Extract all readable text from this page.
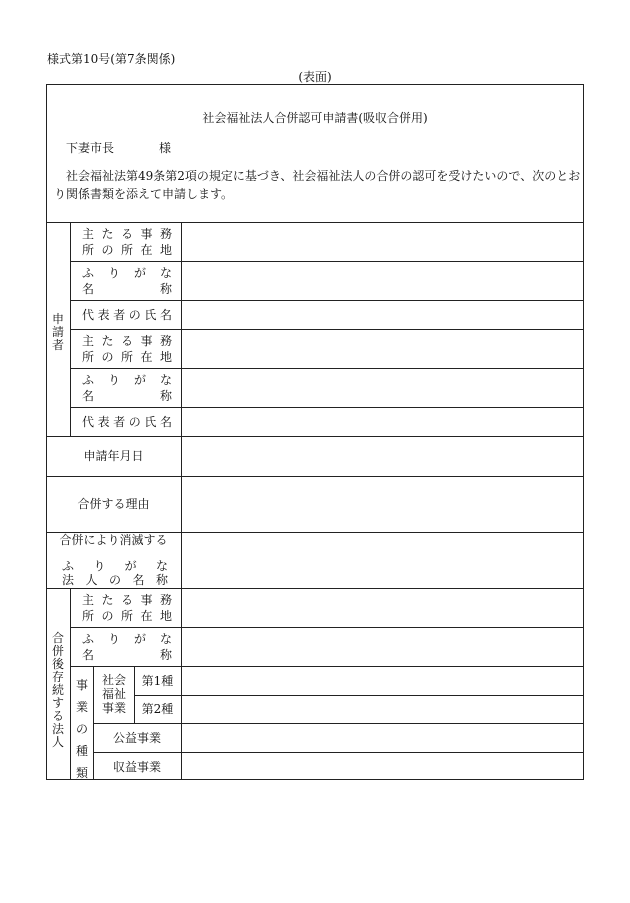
様式第10号(第7条関係)
(表面)
社会福祉法人合併認可申請書(吸収合併用)
下妻市長	様
社会福祉法第49条第2項の規定に基づき、社会福祉法人の合併の認可を受けたいので、次のとおり関係書類を添えて申請します。
申請者
主たる事務
所の所在地
ふりがな
名称
代表者の氏名
主たる事務
所の所在地
ふりがな
名称
代表者の氏名
申請年月日
合併する理由
合併により消滅する
ふりがな
法人の名称
合併後存続する法人
主たる事務
所の所在地
ふりがな
名称
事業の種類
社会福祉事業
第1種
第2種
公益事業
収益事業
